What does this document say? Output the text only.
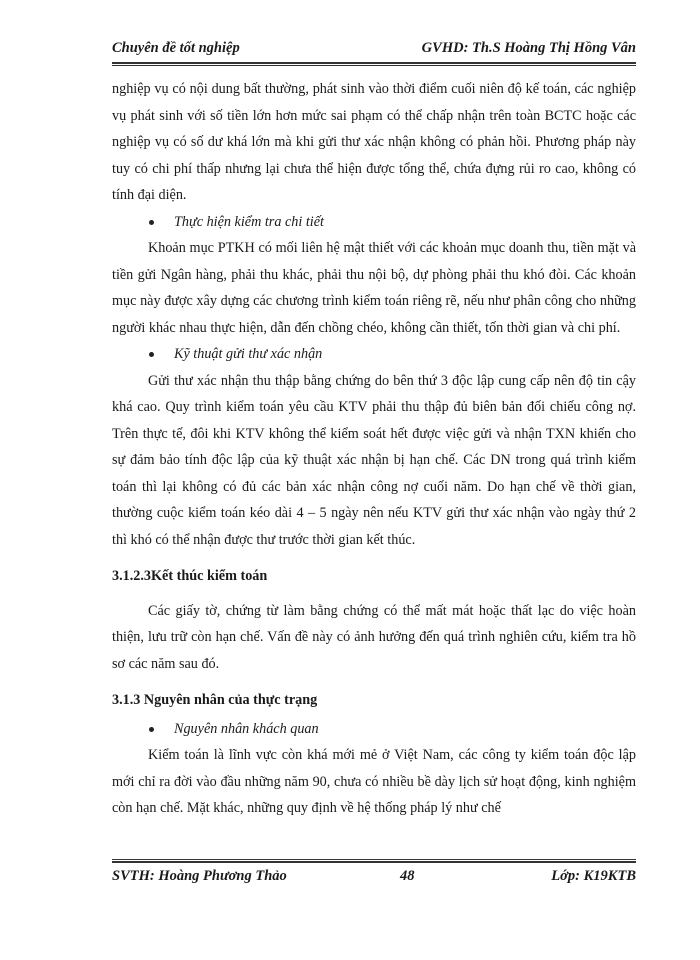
Chuyên đề tốt nghiệp	GVHD: Th.S Hoàng Thị Hồng Vân

nghiệp vụ có nội dung bất thường, phát sinh vào thời điểm cuối niên độ kế toán, các nghiệp vụ phát sinh với số tiền lớn hơn mức sai phạm có thể chấp nhận trên toàn BCTC hoặc các nghiệp vụ có số dư khá lớn mà khi gửi thư xác nhận không có phản hồi. Phương pháp này tuy có chi phí thấp nhưng lại chưa thể hiện được tổng thể, chứa đựng rủi ro cao, không có tính đại diện.

Thực hiện kiểm tra chi tiết

Khoản mục PTKH có mối liên hệ mật thiết với các khoản mục doanh thu, tiền mặt và tiền gửi Ngân hàng, phải thu khác, phải thu nội bộ, dự phòng phải thu khó đòi. Các khoản mục này được xây dựng các chương trình kiểm toán riêng rẽ, nếu như phân công cho những người khác nhau thực hiện, dẫn đến chồng chéo, không cần thiết, tốn thời gian và chi phí.

Kỹ thuật gửi thư xác nhận

Gửi thư xác nhận thu thập bằng chứng do bên thứ 3 độc lập cung cấp nên độ tin cậy khá cao. Quy trình kiểm toán yêu cầu KTV phải thu thập đủ biên bản đối chiếu công nợ. Trên thực tế, đôi khi KTV không thể kiểm soát hết được việc gửi và nhận TXN khiến cho sự đảm bảo tính độc lập của kỹ thuật xác nhận bị hạn chế. Các DN trong quá trình kiểm toán thì lại không có đủ các bản xác nhận công nợ cuối năm. Do hạn chế về thời gian, thường cuộc kiểm toán kéo dài 4 – 5 ngày nên nếu KTV gửi thư xác nhận vào ngày thứ 2 thì khó có thể nhận được thư trước thời gian kết thúc.

3.1.2.3Kết thúc kiểm toán

Các giấy tờ, chứng từ làm bằng chứng có thể mất mát hoặc thất lạc do việc hoàn thiện, lưu trữ còn hạn chế. Vấn đề này có ảnh hưởng đến quá trình nghiên cứu, kiểm tra hồ sơ các năm sau đó.

3.1.3 Nguyên nhân của thực trạng

Nguyên nhân khách quan

Kiểm toán là lĩnh vực còn khá mới mẻ ở Việt Nam, các công ty kiểm toán độc lập mới chỉ ra đời vào đầu những năm 90, chưa có nhiều bề dày lịch sử hoạt động, kinh nghiệm còn hạn chế. Mặt khác, những quy định về hệ thống pháp lý như chế

SVTH: Hoàng Phương Thảo	48	Lớp: K19KTB
